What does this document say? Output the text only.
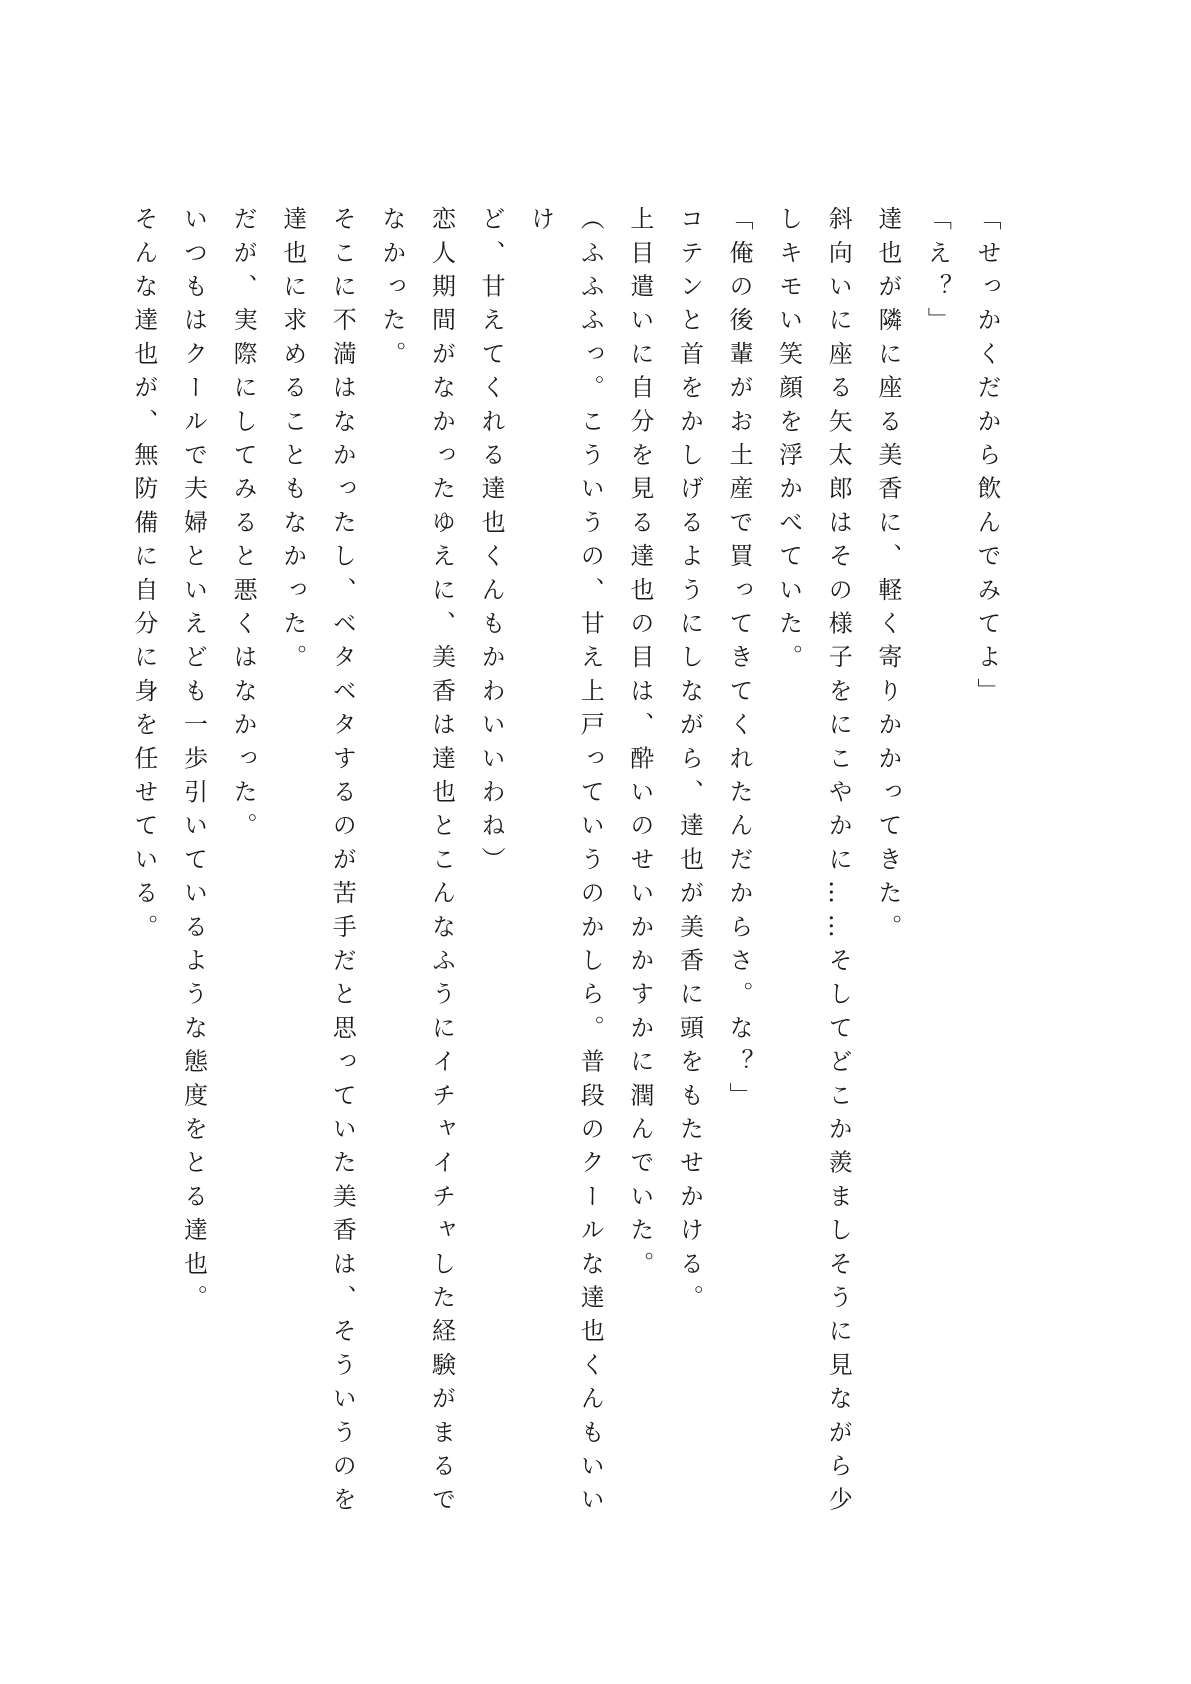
「せっかくだから飲んでみてよ」

「え？」

達也が隣に座る美香に、軽く寄りかかってきた。

斜向いに座る矢太郎はその様子をにこやかに……そしてどこか羨ましそうに見ながら少

しキモい笑顔を浮かべていた。

「俺の後輩がお土産で買ってきてくれたんだからさ。な？」

コテンと首をかしげるようにしながら、達也が美香に頭をもたせかける。

上目遣いに自分を見る達也の目は、酔いのせいかかすかに潤んでいた。

（ふふふっ。こういうの、甘え上戸っていうのかしら。普段のクールな達也くんもいいけ

ど、甘えてくれる達也くんもかわいいわね）

恋人期間がなかったゆえに、美香は達也とこんなふうにイチャイチャした経験がまるで

なかった。

そこに不満はなかったし、ベタベタするのが苦手だと思っていた美香は、そういうのを

達也に求めることもなかった。

だが、実際にしてみると悪くはなかった。

いつもはクールで夫婦といえども一歩引いているような態度をとる達也。

そんな達也が、無防備に自分に身を任せている。
